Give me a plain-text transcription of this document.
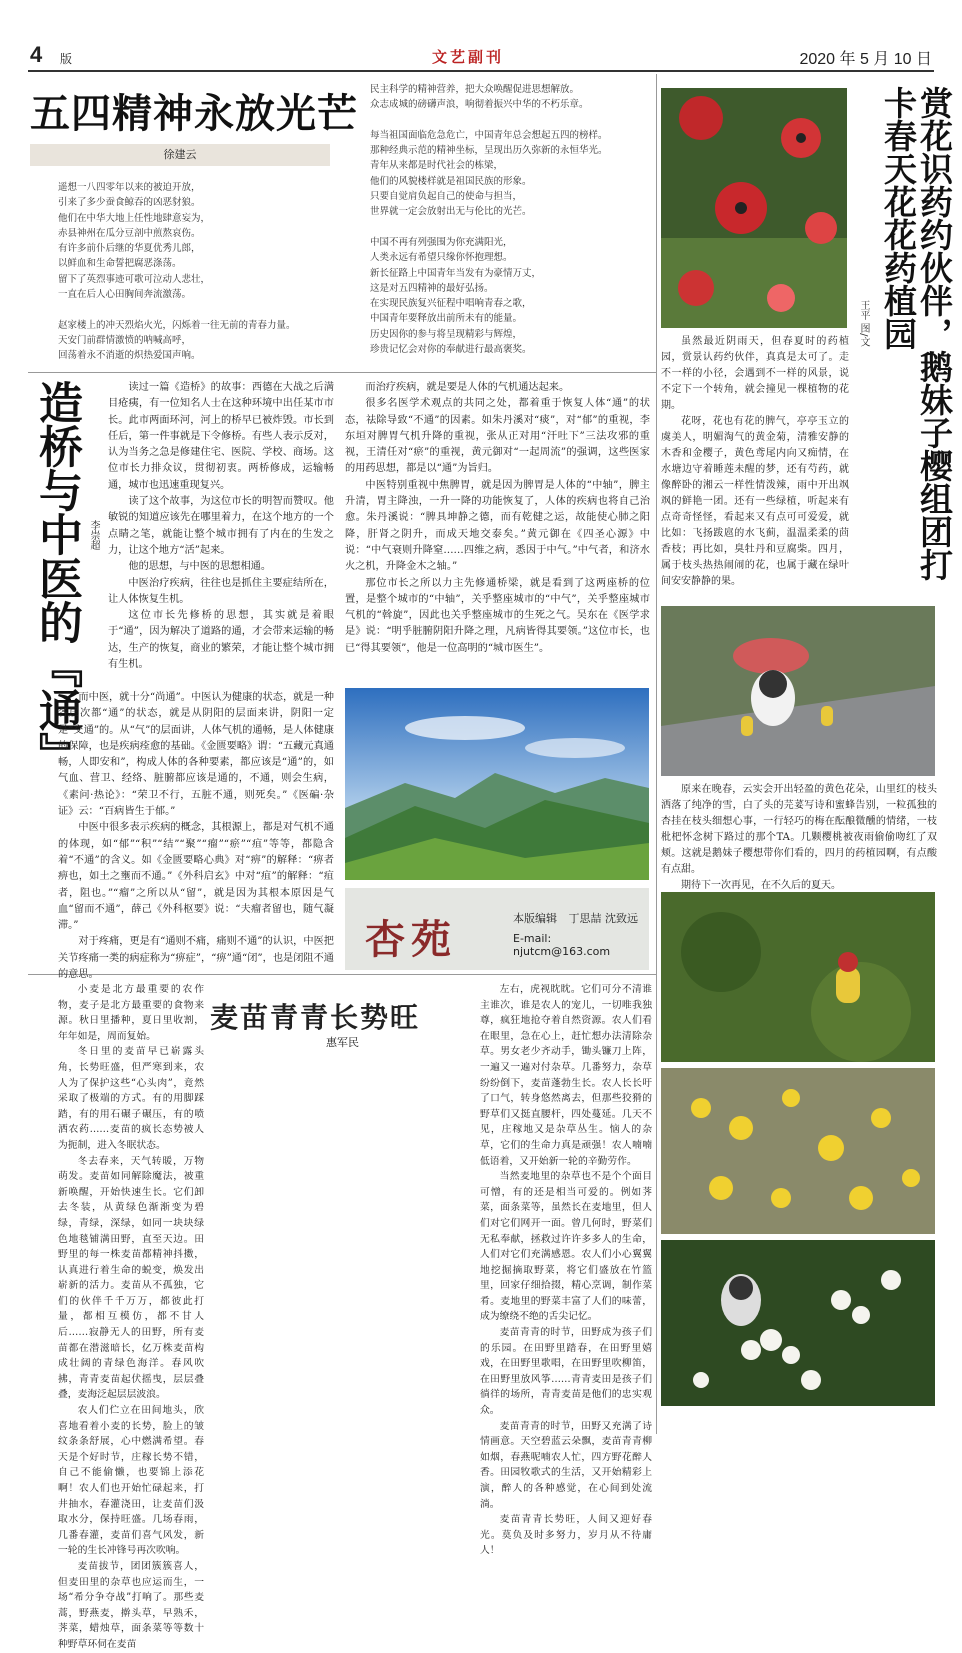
4 版	文艺副刊	2020 年 5 月 10 日
五四精神永放光芒
徐建云
遥想一八四零年以来的被迫开放，
引来了多少蚕食鲸吞的凶恶豺狼。
他们在中华大地上任性地肆意妄为，
赤县神州在瓜分豆剖中煎熬哀伤。
有许多前仆后继的华夏优秀儿郎，
以鲜血和生命誓把腐恶涤荡。
留下了英烈事迹可歌可泣动人悲壮，
一直在后人心田胸间奔流激荡。

赵家楼上的冲天烈焰火光，闪烁着一往无前的青春力量。
天安门前群情激愤的呐喊高呼，
回荡着永不消逝的炽热爱国声响。
民主科学的精神营养，把大众唤醒促进思想解放。
众志成城的磅礴声浪，响彻着振兴中华的不朽乐章。

每当祖国面临危急危亡，中国青年总会想起五四的榜样。
那种经典示范的精神坐标，呈现出历久弥新的永恒华光。
青年从来都是时代社会的栋梁，
他们的风貌楼样就是祖国民族的形象。
只要自觉肩负起自己的使命与担当，
世界就一定会放射出无与伦比的光芒。

中国不再有列强围为你充满阳光，
人类永远有希望只缘你怀抱理想。
新长征路上中国青年当发有为豪情万丈，
这是对五四精神的最好弘扬。
在实现民族复兴征程中唱响青春之歌，
中国青年要释放出前所未有的能量。
历史因你的参与将呈现精彩与辉煌，
珍贵记忆会对你的奉献进行最高褒奖。
造桥与中医的『通』 李崇超

读过一篇《造桥》的故事：西德在大战之后满目疮痍，有一位知名人士在这种环境中出任某市市长。此市两面环河，河上的桥早已被炸毁。市长到任后，第一件事就是下令修桥。有些人表示反对，认为当务之急是修建住宅、医院、学校、商场。这位市长力排众议，贯彻初衷。两桥修成，运输畅通，城市也迅速重现复兴。

读了这个故事，为这位市长的明智而赞叹。他敏锐的知道应该先在哪里着力，在这个地方的一个点睛之笔，就能让整个城市拥有了内在的生发之力，让这个地方“活”起来。

他的思想，与中医的思想相通。

中医治疗疾病，往往也是抓住主要症结所在，让人体恢复生机。

这位市长先修桥的思想，其实就是着眼于“通”，因为解决了道路的通，才会带来运输的畅达，生产的恢复，商业的繁荣，才能让整个城市拥有生机。

而治疗疾病，就是要是人体的气机通达起来。

很多名医学术观点的共同之处，都着重于恢复人体“通”的状态，祛除导致“不通”的因素。如朱丹溪对“痰”，对“郁”的重视，李东垣对脾胃气机升降的重视，张从正对用“汗吐下”三法攻邪的重视，王清任对“瘀”的重视，黄元御对“一起周流”的强调，这些医家的用药思想，都是以“通”为旨归。

中医特别重视中焦脾胃，就是因为脾胃是人体的“中轴”，脾主升清，胃主降浊，一升一降的功能恢复了，人体的疾病也将自己治愈。朱丹溪说：“脾具坤静之德，而有乾健之运，故能使心肺之阳降，肝肾之阴升，而成天地交泰矣。”黄元御在《四圣心源》中说：“中气衰则升降窒……四维之病，悉因于中气。”中气者，和济水火之机，升降金木之轴。”

那位市长之所以力主先修通桥梁，就是看到了这两座桥的位置，是整个城市的“中轴”，关乎整座城市的“中气”，关乎整座城市气机的“斡旋”，因此也关乎整座城市的生死之气。吴东在《医学求是》说：“明乎脏腑阴阳升降之理，凡病皆得其要领。”这位市长，也已“得其要领”，他是一位高明的“城市医生”。

杏苑	本版编辑 丁思喆 沈致远
E-mail: njutcm@163.com
麦苗青青长势旺
惠军民

小麦是北方最重要的农作物，麦子是北方最重要的食物来源。秋日里播种，夏日里收割，年年如是，周而复始。

冬日里的麦苗早已崭露头角，长势旺盛，但严寒到来，农人为了保护这些“心头肉”，竟然采取了极端的方式。有的用脚踩踏，有的用石碾子碾压，有的喷洒农药……麦苗的疯长态势被人为扼制，进入冬眠状态。

冬去春来，天气转暖，万物萌发。麦苗如同解除魔法，被重新唤醒，开始快速生长。它们卸去冬装，从黄绿色渐渐变为碧绿，青绿，深绿，如同一块块绿色地毯铺满田野，直至天边。田野里的每一株麦苗都精神抖擞，认真进行着生命的蜕变，焕发出崭新的活力。麦苗从不孤独，它们的伙伴千千万万，都彼此打量，都相互模仿，都不甘人后……寂静无人的田野，所有麦苗都在潜滋暗长，亿万株麦苗构成壮阔的青绿色海洋。春风吹拂，青青麦苗起伏摇曳，层层叠叠，麦海泛起层层波浪。

农人们伫立在田间地头，欣喜地看着小麦的长势，脸上的皱纹条条舒展，心中燃满希望。春天是个好时节，庄稼长势不错，自己不能偷懒，也要锦上添花啊！农人们也开始忙碌起来，打井抽水，春灌浇田，让麦苗们汲取水分，保持旺盛。几场春雨，几番春灌，麦苗们喜气风发，新一轮的生长冲锋号再次吹响。

麦苗拔节，团团簇簇喜人，但麦田里的杂草也应运而生，一场“希分争夺战”打响了。那些麦蒿，野燕麦，擀头草，早熟禾，荠菜，蜡烛草，面条菜等等数十种野草环伺在麦苗

左右，虎视眈眈。它们可分不清谁主谁次，谁是农人的宠儿，一切唯我独尊，疯狂地抢夺着自然资源。农人们看在眼里，急在心上，赶忙想办法清除杂草。男女老少齐动手，锄头镰刀上阵，一遍又一遍对付杂草。几番努力，杂草纷纷倒下，麦苗蓬勃生长。农人长长吁了口气，转身悠然离去，但那些狡猾的野草们又挺直腰杆，四处蔓延。几天不见，庄稼地又是杂草丛生。恼人的杂草，它们的生命力真是顽强！农人喃喃低语着，又开始新一轮的辛勤劳作。

当然麦地里的杂草也不是个个面目可憎，有的还是相当可爱的。例如荠菜，面条菜等，虽然长在麦地里，但人们对它们网开一面。曾几何时，野菜们无私奉献，拯救过许许多多人的生命，人们对它们充满感恩。农人们小心翼翼地挖掘摘取野菜，将它们盛放在竹篮里，回家仔细拾掇，精心烹调，制作菜肴。麦地里的野菜丰富了人们的味蕾，成为缭绕不绝的舌尖记忆。

麦苗青青的时节，田野成为孩子们的乐园。在田野里踏春，在田野里嬉戏，在田野里歌唱，在田野里吹柳笛，在田野里放风筝……青青麦田是孩子们徜徉的场所，青青麦苗是他们的忠实观众。

麦苗青青的时节，田野又充满了诗情画意。天空碧蓝云朵飘，麦苗青青柳如烟，春燕呢喃农人忙，四方野花醉人香。田园牧歌式的生活，又开始精彩上演，醉人的各种感觉，在心间到处流淌。

麦苗青青长势旺，人间又迎好春光。莫负及时多努力，岁月从不待庸人！

赏花识药约伙伴，鹅妹子樱组团打卡春天花花药植园
王平 图/文

虽然最近阴雨天，但春夏时的药植园，赏景认药约伙伴，真真是太可了。走不一样的小径，会遇到不一样的风景，说不定下一个转角，就会撞见一棵植物的花期。

花呀，花也有花的脾气，亭亭玉立的虞美人，明媚淘气的黄金菊，清雅安静的木香和金樱子，黄色鸢尾内向又痴情，在水塘边守着睡莲未醒的梦，还有芍药，就像醉卧的湘云一样性情泼辣，雨中开出飒飒的鲜艳一团。还有一些绿植，听起来有点奇奇怪怪，看起来又有点可可爱爱，就比如：飞扬跋扈的水飞蓟，温温柔柔的茴香枝；再比如，臭牡丹和豆腐柴。四月，属于枝头热热闹闹的花，也属于藏在绿叶间安安静静的果。

原来在晚春，云实会开出轻盈的黄色花朵，山里红的枝头洒落了纯净的雪，白了头的芫荽写诗和蜜蜂告别，一粒孤独的杏挂在枝头细想心事，一行轻巧的梅在酝酿微醺的情绪，一枝枇杷怀念树下路过的那个TA。几颗樱桃被夜雨偷偷吻红了双颊。这就是鹅妹子樱想带你们看的，四月的药植园啊，有点酸有点甜。

期待下一次再见，在不久后的夏天。

而中医，就十分“尚通”。中医认为健康的状态，就是一种各层次都“通”的状态，就是从阴阳的层面来讲，阴阳一定是“交通”的。从“气”的层面讲，人体气机的通畅，是人体健康的保障，也是疾病痊愈的基础。《金匮要略》谓：“五藏元真通畅，人即安和”，构成人体的各种要素，都应该是“通”的，如气血、营卫、经络、脏腑都应该是通的，不通，则会生病，《素问·热论》：“荣卫不行，五脏不通，则死矣。”《医碥·杂证》云：“百病皆生于郁。”

中医中很多表示疾病的概念，其根源上，都是对气机不通的体现，如“郁”“积”“结”“聚”“瘤”“瘀”“疽”等等，都隐含着“不通”的含义。如《金匮要略心典》对“痹”的解释：“痹者痹也，如土之壅而不通。”《外科启玄》中对“疽”的解释：“疽者，阻也。”“瘤”之所以从“留”，就是因为其根本原因是气血“留而不通”，薛己《外科枢要》说：“夫瘤者留也，随气凝滞。”

对于疼痛，更是有“通则不痛，痛则不通”的认识，中医把关节疼痛一类的病症称为“痹症”，“痹”通“闭”，也是闭阻不通的意思。
